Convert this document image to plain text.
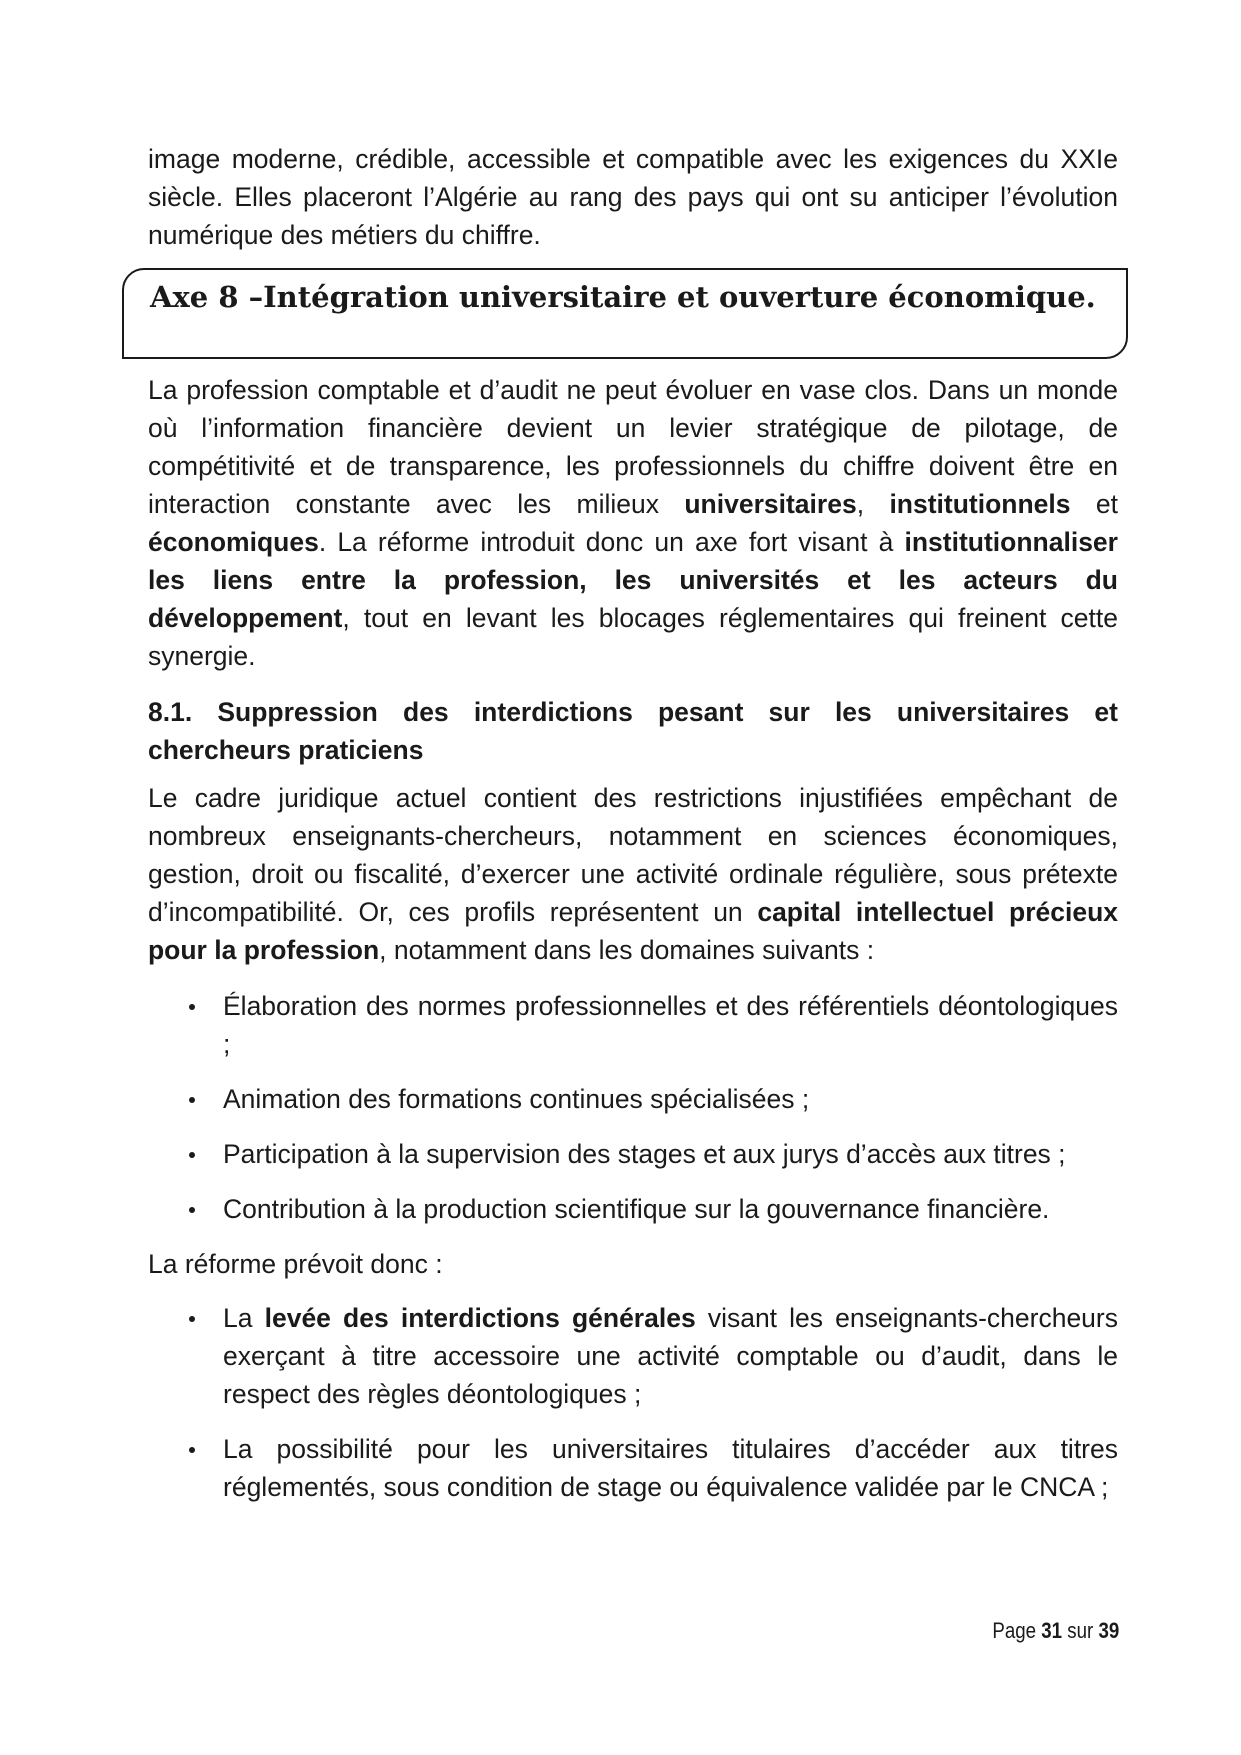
image moderne, crédible, accessible et compatible avec les exigences du XXIe siècle. Elles placeront l’Algérie au rang des pays qui ont su anticiper l’évolution numérique des métiers du chiffre.

Axe 8 –Intégration universitaire et ouverture économique.

La profession comptable et d’audit ne peut évoluer en vase clos. Dans un monde où l’information financière devient un levier stratégique de pilotage, de compétitivité et de transparence, les professionnels du chiffre doivent être en interaction constante avec les milieux universitaires, institutionnels et économiques. La réforme introduit donc un axe fort visant à institutionnaliser les liens entre la profession, les universités et les acteurs du développement, tout en levant les blocages réglementaires qui freinent cette synergie.

8.1. Suppression des interdictions pesant sur les universitaires et chercheurs praticiens

Le cadre juridique actuel contient des restrictions injustifiées empêchant de nombreux enseignants-chercheurs, notamment en sciences économiques, gestion, droit ou fiscalité, d’exercer une activité ordinale régulière, sous prétexte d’incompatibilité. Or, ces profils représentent un capital intellectuel précieux pour la profession, notamment dans les domaines suivants :

Élaboration des normes professionnelles et des référentiels déontologiques ;
Animation des formations continues spécialisées ;
Participation à la supervision des stages et aux jurys d’accès aux titres ;
Contribution à la production scientifique sur la gouvernance financière.

La réforme prévoit donc :

La levée des interdictions générales visant les enseignants-chercheurs exerçant à titre accessoire une activité comptable ou d’audit, dans le respect des règles déontologiques ;
La possibilité pour les universitaires titulaires d’accéder aux titres réglementés, sous condition de stage ou équivalence validée par le CNCA ;
Page 31 sur 39
